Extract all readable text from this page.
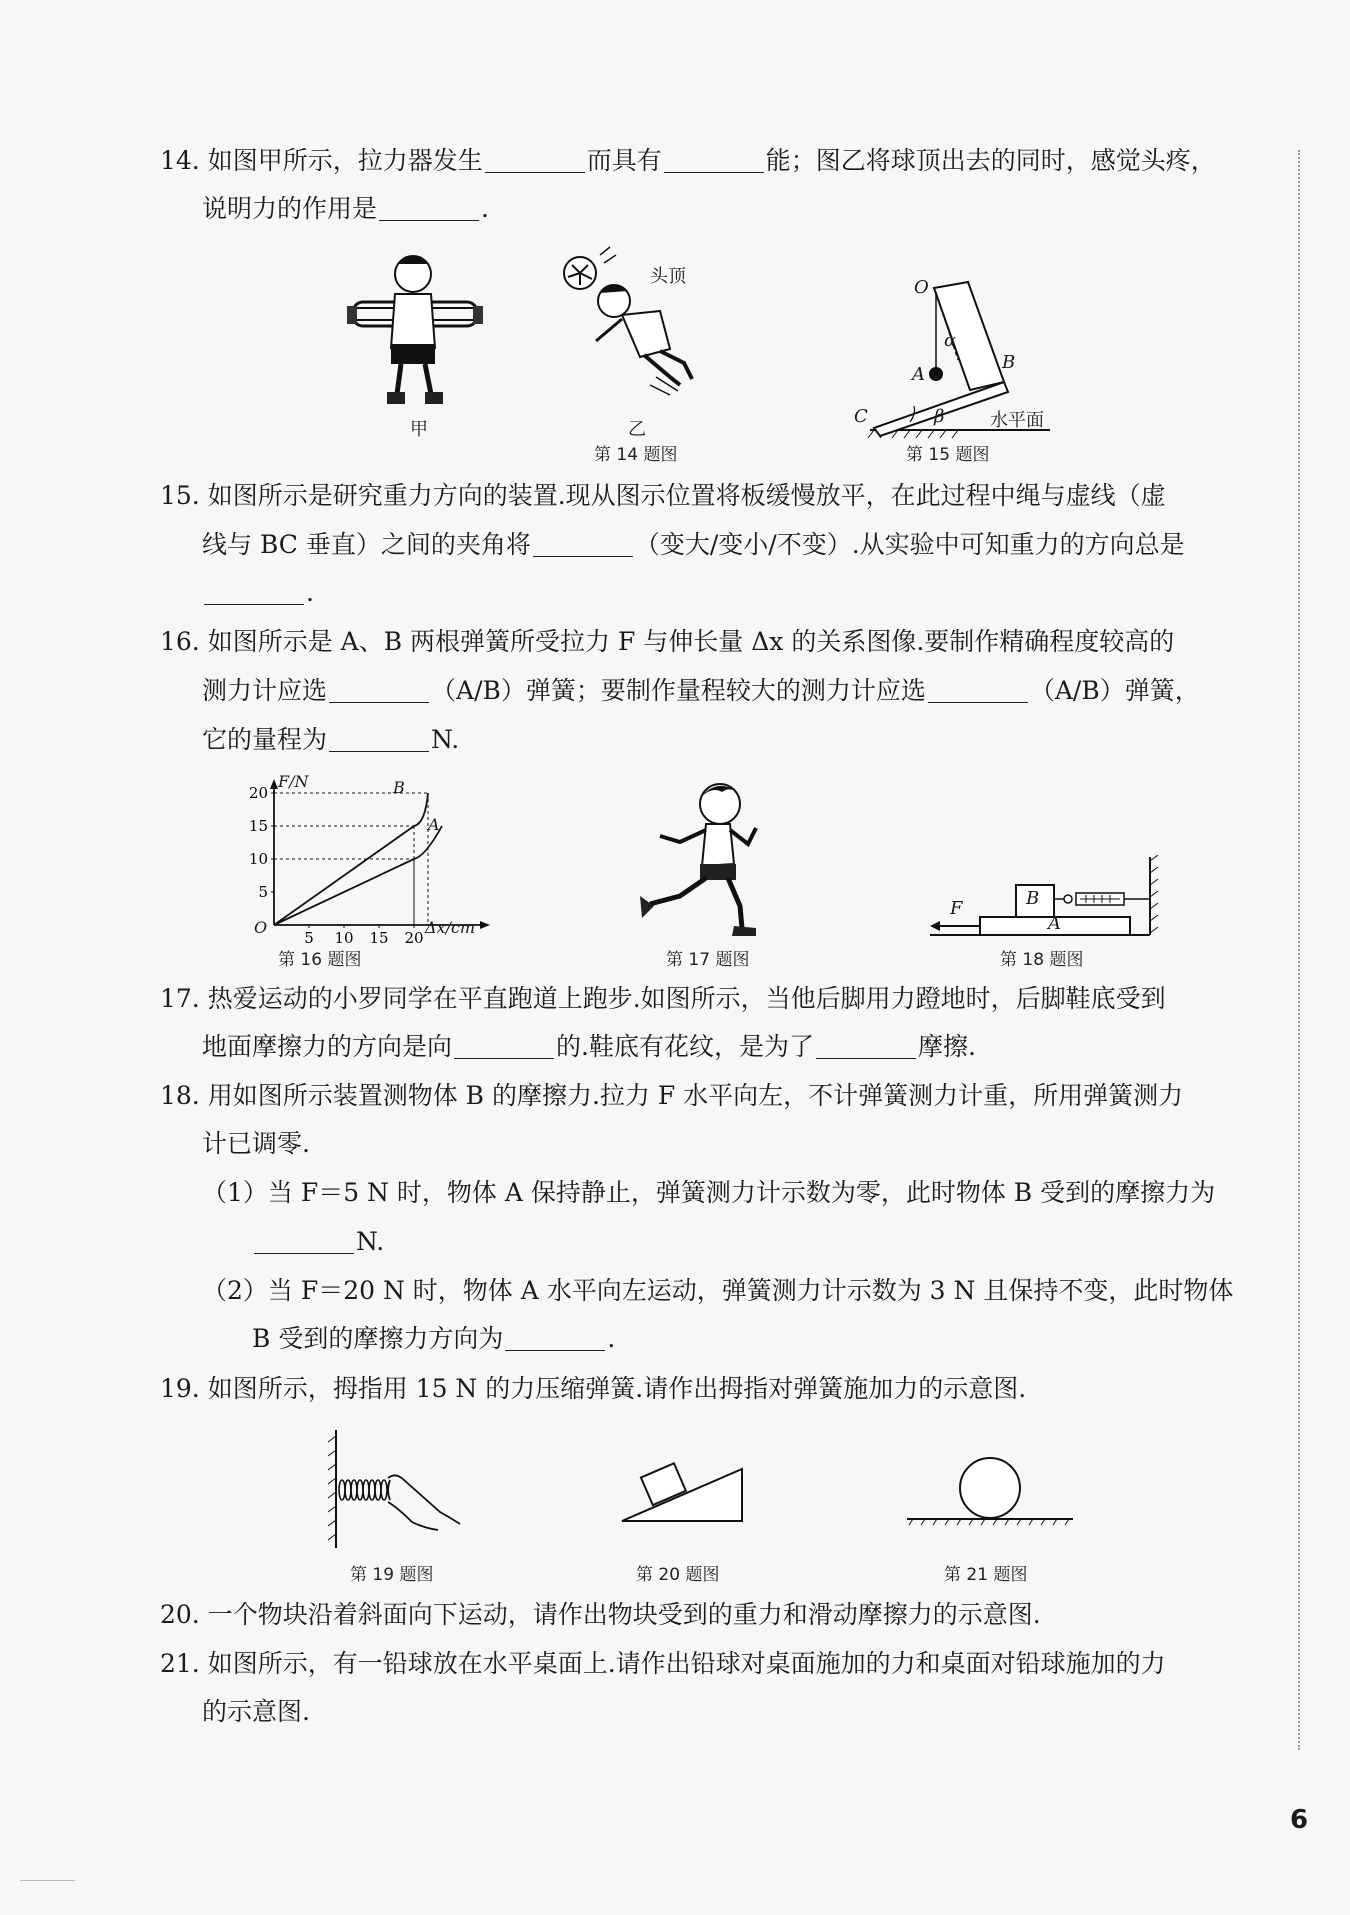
14. 如图甲所示，拉力器发生	而具有	能；图乙将球顶出去的同时，感觉头疼，
说明力的作用是	.
甲
头顶
乙
第 14 题图
O
α
A
B
C	β	水平面
第 15 题图
15. 如图所示是研究重力方向的装置.现从图示位置将板缓慢放平，在此过程中绳与虚线（虚
线与 BC 垂直）之间的夹角将	（变大/变小/不变）.从实验中可知重力的方向总是
.
16. 如图所示是 A、B 两根弹簧所受拉力 F 与伸长量 Δx 的关系图像.要制作精确程度较高的
测力计应选	（A/B）弹簧；要制作量程较大的测力计应选	（A/B）弹簧，
它的量程为	N.
20
15
10
5
5 10 15 20
F/N
O	Δx/cm
B
A
第 16 题图	第 17 题图
F	B
A
第 18 题图
17. 热爱运动的小罗同学在平直跑道上跑步.如图所示，当他后脚用力蹬地时，后脚鞋底受到
地面摩擦力的方向是向	的.鞋底有花纹，是为了	摩擦.
18. 用如图所示装置测物体 B 的摩擦力.拉力 F 水平向左，不计弹簧测力计重，所用弹簧测力
计已调零.
（1）当 F＝5 N 时，物体 A 保持静止，弹簧测力计示数为零，此时物体 B 受到的摩擦力为
N.
（2）当 F＝20 N 时，物体 A 水平向左运动，弹簧测力计示数为 3 N 且保持不变，此时物体
B 受到的摩擦力方向为	.
19. 如图所示，拇指用 15 N 的力压缩弹簧.请作出拇指对弹簧施加力的示意图.
第 19 题图	第 20 题图	第 21 题图
20. 一个物块沿着斜面向下运动，请作出物块受到的重力和滑动摩擦力的示意图.
21. 如图所示，有一铅球放在水平桌面上.请作出铅球对桌面施加的力和桌面对铅球施加的力
的示意图.
6
